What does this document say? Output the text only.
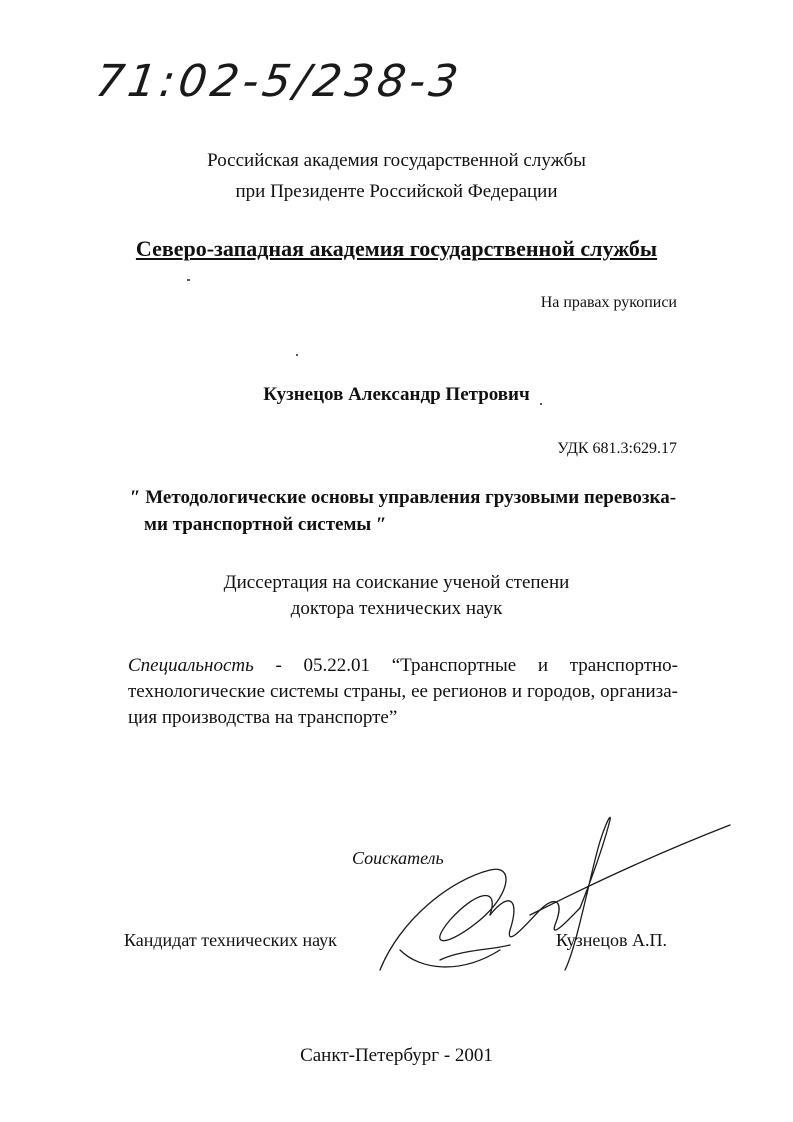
71:02-5/238-3
Российская академия государственной службы
при Президенте Российской Федерации
Северо-западная академия государственной службы
На правах рукописи
Кузнецов Александр Петрович
УДК 681.3:629.17
″ Методологические основы управления грузовыми перевозка-
ми транспортной системы ″
Диссертация на соискание ученой степени
доктора технических наук
Специальность - 05.22.01 “Транспортные и транспортно-
технологические системы страны, ее регионов и городов, организа-
ция производства на транспорте”
Соискатель
Кандидат технических наук	Кузнецов А.П.
Санкт-Петербург - 2001
